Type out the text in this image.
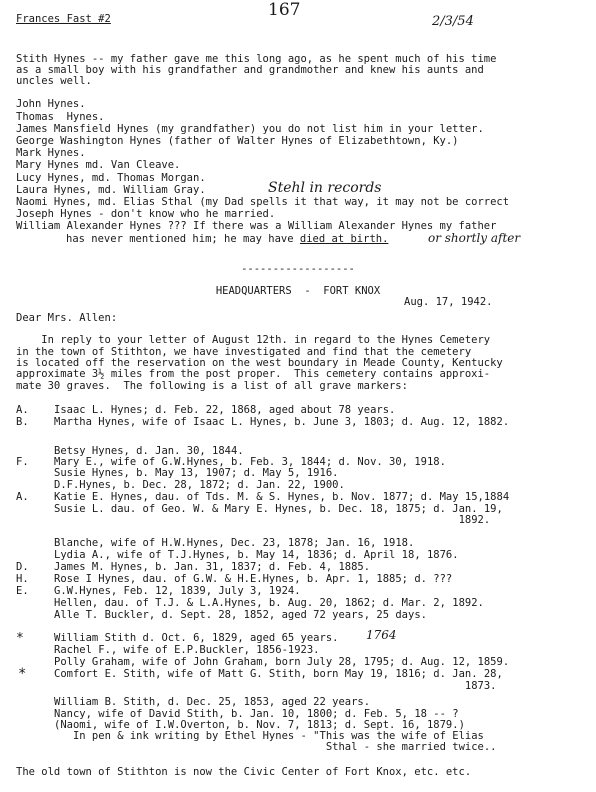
Frances Fast #2	167
2/3/54
Stith Hynes -- my father gave me this long ago, as he spent much of his time
as a small boy with his grandfather and grandmother and knew his aunts and
uncles well.
John Hynes.
Thomas  Hynes.
James Mansfield Hynes (my grandfather) you do not list him in your letter.
George Washington Hynes (father of Walter Hynes of Elizabethtown, Ky.)
Mark Hynes.
Mary Hynes md. Van Cleave.
Lucy Hynes, md. Thomas Morgan.
Laura Hynes, md. William Gray.
Naomi Hynes, md. Elias Sthal (my Dad spells it that way, it may not be correct
Joseph Hynes - don't know who he married.
William Alexander Hynes ??? If there was a William Alexander Hynes my father
has never mentioned him; he may have died at birth.
Stehl in records
or shortly after
------------------
HEADQUARTERS  -  FORT KNOX
Aug. 17, 1942.
Dear Mrs. Allen:
In reply to your letter of August 12th. in regard to the Hynes Cemetery
in the town of Stithton, we have investigated and find that the cemetery
is located off the reservation on the west boundary in Meade County, Kentucky
approximate 3½ miles from the post proper.  This cemetery contains approxi-
mate 30 graves.  The following is a list of all grave markers:
A. Isaac L. Hynes; d. Feb. 22, 1868, aged about 78 years.
B. Martha Hynes, wife of Isaac L. Hynes, b. June 3, 1803; d. Aug. 12, 1882.
Betsy Hynes, d. Jan. 30, 1844.
F. Mary E., wife of G.W.Hynes, b. Feb. 3, 1844; d. Nov. 30, 1918.
Susie Hynes, b. May 13, 1907; d. May 5, 1916.
D.F.Hynes, b. Dec. 28, 1872; d. Jan. 22, 1900.
A. Katie E. Hynes, dau. of Tds. M. & S. Hynes, b. Nov. 1877; d. May 15,1884
Susie L. dau. of Geo. W. & Mary E. Hynes, b. Dec. 18, 1875; d. Jan. 19,
1892.
Blanche, wife of H.W.Hynes, Dec. 23, 1878; Jan. 16, 1918.
Lydia A., wife of T.J.Hynes, b. May 14, 1836; d. April 18, 1876.
D. James M. Hynes, b. Jan. 31, 1837; d. Feb. 4, 1885.
H. Rose I Hynes, dau. of G.W. & H.E.Hynes, b. Apr. 1, 1885; d. ???
E. G.W.Hynes, Feb. 12, 1839, July 3, 1924.
Hellen, dau. of T.J. & L.A.Hynes, b. Aug. 20, 1862; d. Mar. 2, 1892.
Alle T. Buckler, d. Sept. 28, 1852, aged 72 years, 25 days.
*	William Stith d. Oct. 6, 1829, aged 65 years.
Rachel F., wife of E.P.Buckler, 1856-1923.
Polly Graham, wife of John Graham, born July 28, 1795; d. Aug. 12, 1859.
*	Comfort E. Stith, wife of Matt G. Stith, born May 19, 1816; d. Jan. 28,
1873.
William B. Stith, d. Dec. 25, 1853, aged 22 years.
Nancy, wife of David Stith, b. Jan. 10, 1800; d. Feb. 5, 18 -- ?
(Naomi, wife of I.W.Overton, b. Nov. 7, 1813; d. Sept. 16, 1879.)
In pen & ink writing by Ethel Hynes - "This was the wife of Elias
Sthal - she married twice..
1764
The old town of Stithton is now the Civic Center of Fort Knox, etc. etc.
